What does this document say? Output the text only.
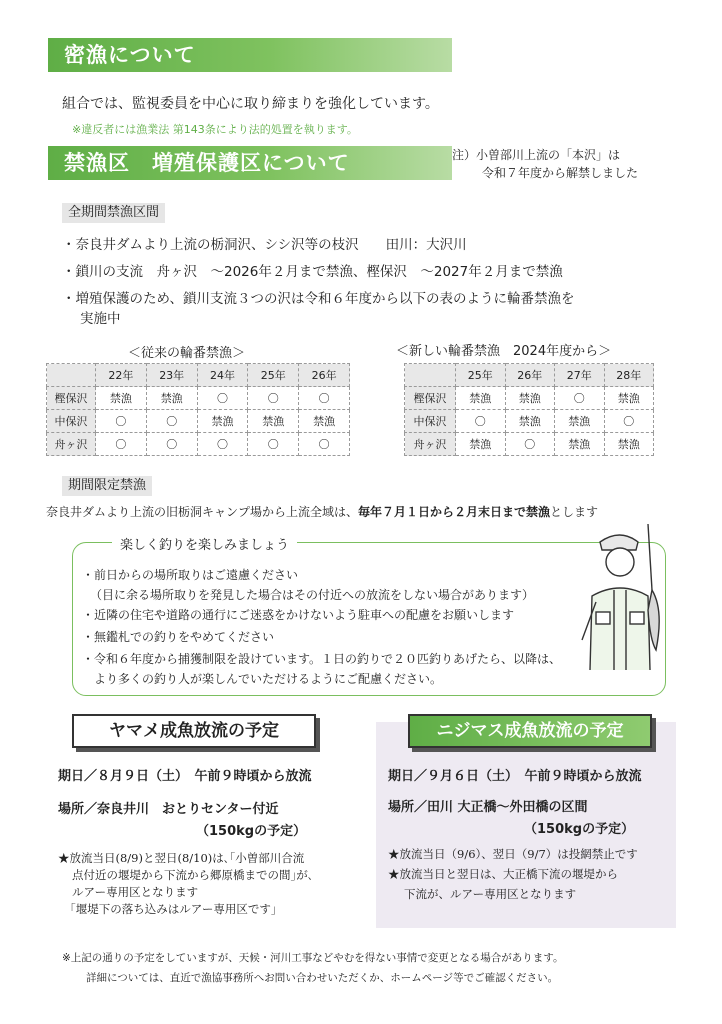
密漁について
組合では、監視委員を中心に取り締まりを強化しています。
※違反者には漁業法 第143条により法的処置を執ります。
禁漁区　増殖保護区について	注）小曽部川上流の「本沢」は
令和７年度から解禁しました
全期間禁漁区間
・奈良井ダムより上流の栃洞沢、シシ沢等の枝沢　　田川：大沢川
・鎖川の支流　舟ヶ沢　～2026年２月まで禁漁、樫保沢　～2027年２月まで禁漁
・増殖保護のため、鎖川支流３つの沢は令和６年度から以下の表のように輪番禁漁を
実施中
＜従来の輪番禁漁＞
	22年	23年	24年	25年	26年
樫保沢	禁漁	禁漁	〇	〇	〇
中保沢	〇	〇	禁漁	禁漁	禁漁
舟ヶ沢	〇	〇	〇	〇	〇
＜新しい輪番禁漁　2024年度から＞
	25年	26年	27年	28年
樫保沢	禁漁	禁漁	〇	禁漁
中保沢	〇	禁漁	禁漁	〇
舟ヶ沢	禁漁	〇	禁漁	禁漁
期間限定禁漁
奈良井ダムより上流の旧栃洞キャンプ場から上流全域は、毎年７月１日から２月末日まで禁漁とします
楽しく釣りを楽しみましょう
・前日からの場所取りはご遠慮ください
（目に余る場所取りを発見した場合はその付近への放流をしない場合があります）
・近隣の住宅や道路の通行にご迷惑をかけないよう駐車への配慮をお願いします
・無鑑札での釣りをやめてください
・令和６年度から捕獲制限を設けています。１日の釣りで２０匹釣りあげたら、以降は、
より多くの釣り人が楽しんでいただけるようにご配慮ください。
ヤマメ成魚放流の予定
期日／８月９日（土）　午前９時頃から放流
場所／奈良井川　おとりセンター付近
（150kgの予定）
★放流当日(8/9)と翌日(8/10)は､｢小曽部川合流
点付近の堰堤から下流から郷原橋までの間｣が､
ルアー専用区となります
｢堰堤下の落ち込みはルアー専用区です｣
ニジマス成魚放流の予定
期日／９月６日（土）　午前９時頃から放流
場所／田川 大正橋～外田橋の区間
（150kgの予定）
★放流当日（9/6）、翌日（9/7）は投網禁止です
★放流当日と翌日は、大正橋下流の堰堤から
下流が、ルアー専用区となります
※上記の通りの予定をしていますが、天候・河川工事などやむを得ない事情で変更となる場合があります。
詳細については、直近で漁協事務所へお問い合わせいただくか、ホームページ等でご確認ください。
